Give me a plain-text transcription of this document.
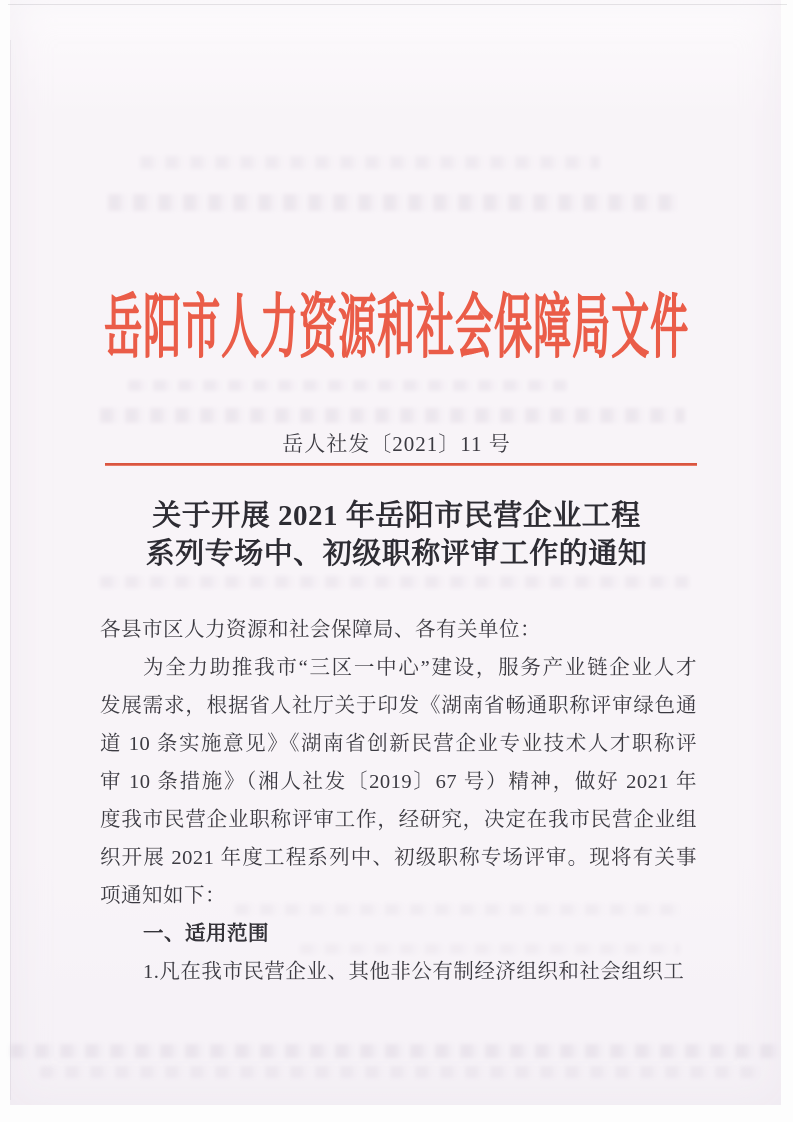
岳阳市人力资源和社会保障局文件
岳人社发〔2021〕11 号
关于开展 2021 年岳阳市民营企业工程
系列专场中、初级职称评审工作的通知
各县市区人力资源和社会保障局、各有关单位：
为全力助推我市“三区一中心”建设，服务产业链企业人才
发展需求，根据省人社厅关于印发《湖南省畅通职称评审绿色通
道 10 条实施意见》《湖南省创新民营企业专业技术人才职称评
审 10 条措施》（湘人社发〔2019〕67 号）精神，做好 2021 年
度我市民营企业职称评审工作，经研究，决定在我市民营企业组
织开展 2021 年度工程系列中、初级职称专场评审。现将有关事
项通知如下：
一、适用范围
1.凡在我市民营企业、其他非公有制经济组织和社会组织工
